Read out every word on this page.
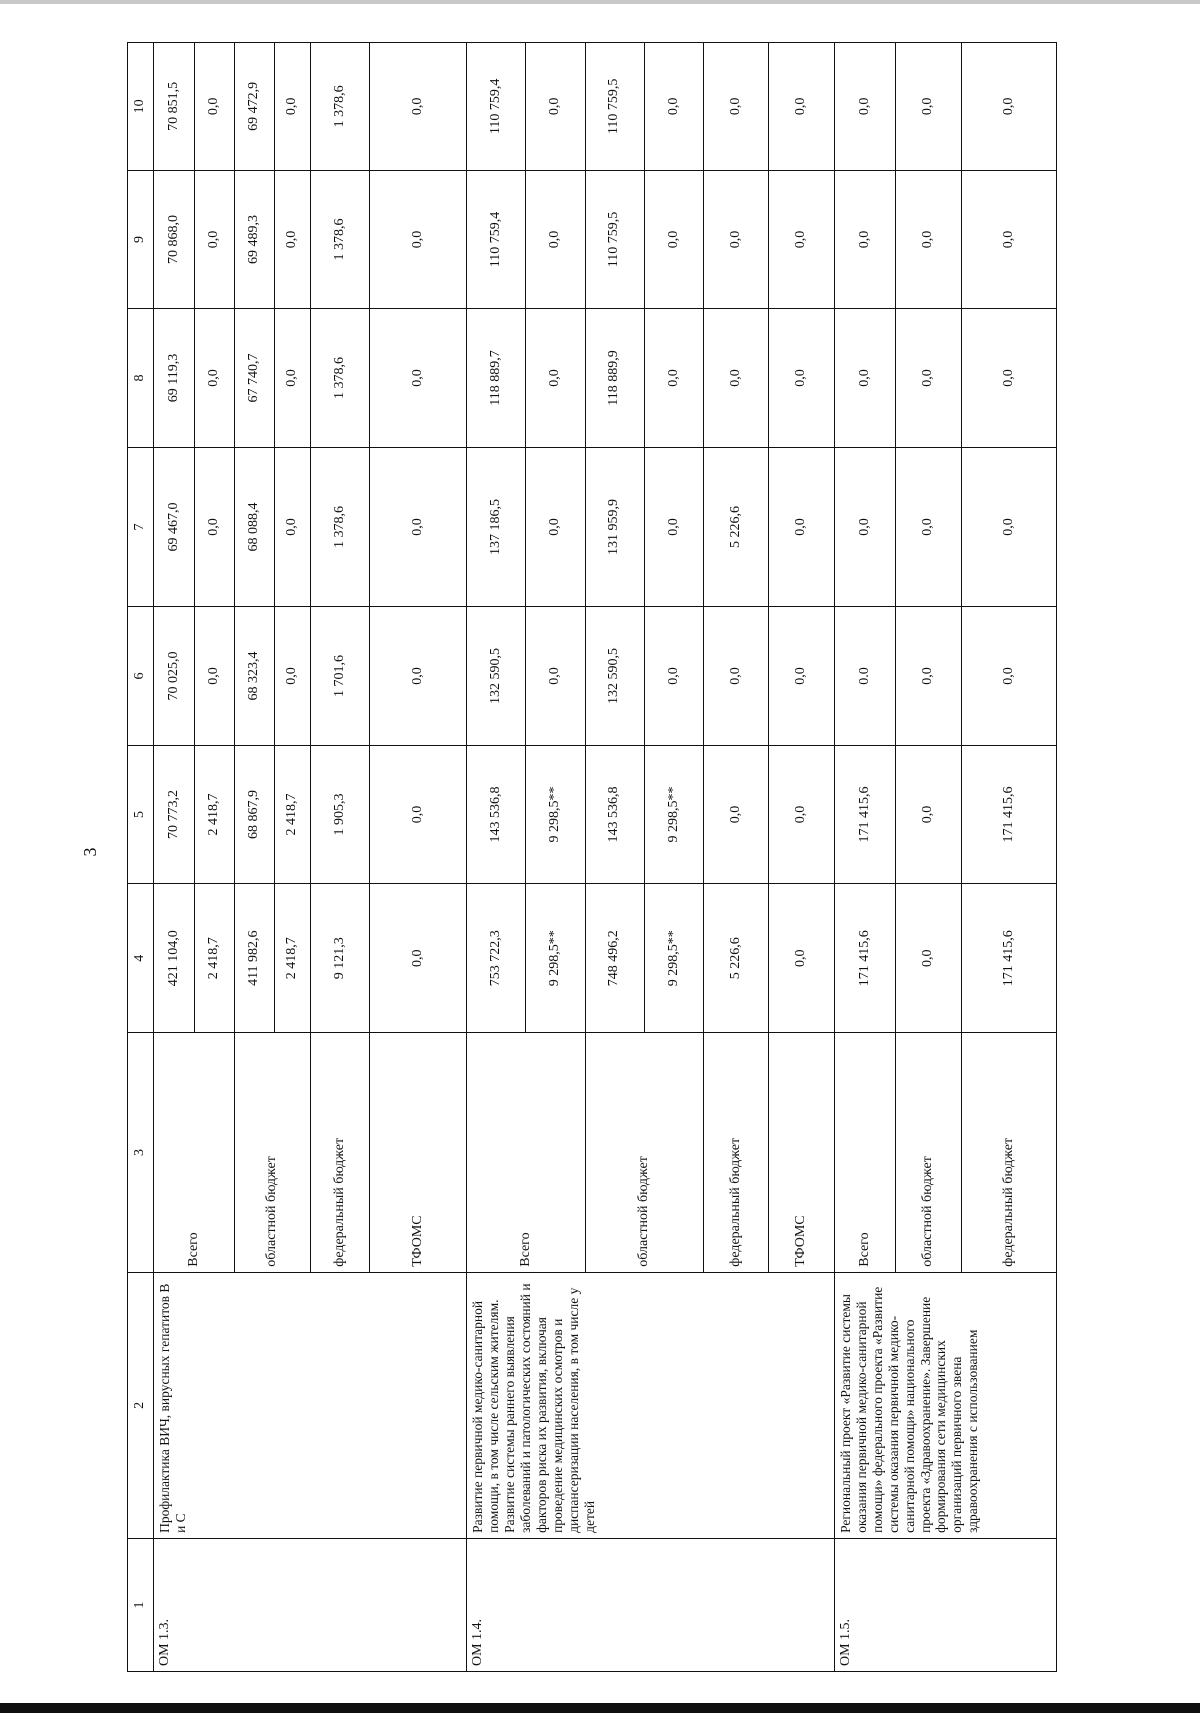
3
1	2	3	4	5	6	7	8	9	10
ОМ 1.3.	Профилактика ВИЧ, вирусных гепатитов В и С	Всего	421 104,0	70 773,2	70 025,0	69 467,0	69 119,3	70 868,0	70 851,5
			2 418,7	2 418,7	0,0	0,0	0,0	0,0	0,0
		областной бюджет	411 982,6	68 867,9	68 323,4	68 088,4	67 740,7	69 489,3	69 472,9
			2 418,7	2 418,7	0,0	0,0	0,0	0,0	0,0
		федеральный бюджет	9 121,3	1 905,3	1 701,6	1 378,6	1 378,6	1 378,6	1 378,6
		ТФОМС	0,0	0,0	0,0	0,0	0,0	0,0	0,0
ОМ 1.4.	Развитие первичной медико-санитарной помощи, в том числе сельским жителям. Развитие системы раннего выявления заболеваний и патологических состояний и факторов риска их развития, включая проведение медицинских осмотров и диспансеризации населения, в том числе у детей	Всего	753 722,3	143 536,8	132 590,5	137 186,5	118 889,7	110 759,4	110 759,4
			9 298,5**	9 298,5**	0,0	0,0	0,0	0,0	0,0
		областной бюджет	748 496,2	143 536,8	132 590,5	131 959,9	118 889,9	110 759,5	110 759,5
			9 298,5**	9 298,5**	0,0	0,0	0,0	0,0	0,0
		федеральный бюджет	5 226,6	0,0	0,0	5 226,6	0,0	0,0	0,0
		ТФОМС	0,0	0,0	0,0	0,0	0,0	0,0	0,0
ОМ 1.5.	Региональный проект «Развитие системы оказания первичной медико-санитарной помощи» федерального проекта «Развитие системы оказания первичной медико-санитарной помощи» национального проекта «Здравоохранение». Завершение формирования сети медицинских организаций первичного звена здравоохранения с использованием	Всего	171 415,6	171 415,6	0.0	0,0	0,0	0,0	0,0
		областной бюджет	0,0	0,0	0,0	0,0	0,0	0,0	0,0
		федеральный бюджет	171 415,6	171 415,6	0,0	0,0	0,0	0,0	0,0
